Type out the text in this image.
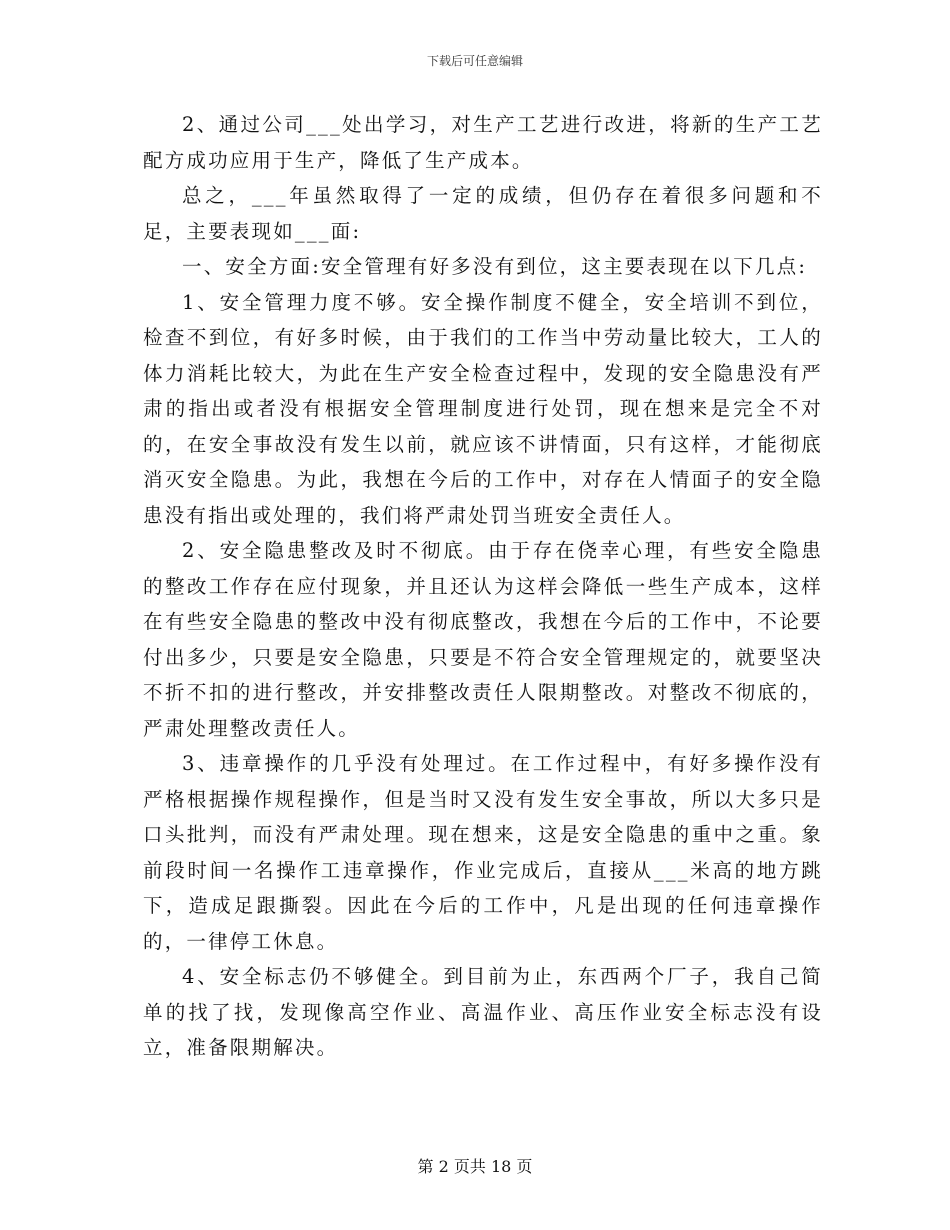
下载后可任意编辑

2、通过公司___处出学习，对生产工艺进行改进，将新的生产工艺配方成功应用于生产，降低了生产成本。

总之，___年虽然取得了一定的成绩，但仍存在着很多问题和不足，主要表现如___面:

一、安全方面:安全管理有好多没有到位，这主要表现在以下几点:

1、安全管理力度不够。安全操作制度不健全，安全培训不到位，检查不到位，有好多时候，由于我们的工作当中劳动量比较大，工人的体力消耗比较大，为此在生产安全检查过程中，发现的安全隐患没有严肃的指出或者没有根据安全管理制度进行处罚，现在想来是完全不对的，在安全事故没有发生以前，就应该不讲情面，只有这样，才能彻底消灭安全隐患。为此，我想在今后的工作中，对存在人情面子的安全隐患没有指出或处理的，我们将严肃处罚当班安全责任人。

2、安全隐患整改及时不彻底。由于存在侥幸心理，有些安全隐患的整改工作存在应付现象，并且还认为这样会降低一些生产成本，这样在有些安全隐患的整改中没有彻底整改，我想在今后的工作中，不论要付出多少，只要是安全隐患，只要是不符合安全管理规定的，就要坚决不折不扣的进行整改，并安排整改责任人限期整改。对整改不彻底的，严肃处理整改责任人。

3、违章操作的几乎没有处理过。在工作过程中，有好多操作没有严格根据操作规程操作，但是当时又没有发生安全事故，所以大多只是口头批判，而没有严肃处理。现在想来，这是安全隐患的重中之重。象前段时间一名操作工违章操作，作业完成后，直接从___米高的地方跳下，造成足跟撕裂。因此在今后的工作中，凡是出现的任何违章操作的，一律停工休息。

4、安全标志仍不够健全。到目前为止，东西两个厂子，我自己简单的找了找，发现像高空作业、高温作业、高压作业安全标志没有设立，准备限期解决。

第 2 页共 18 页
